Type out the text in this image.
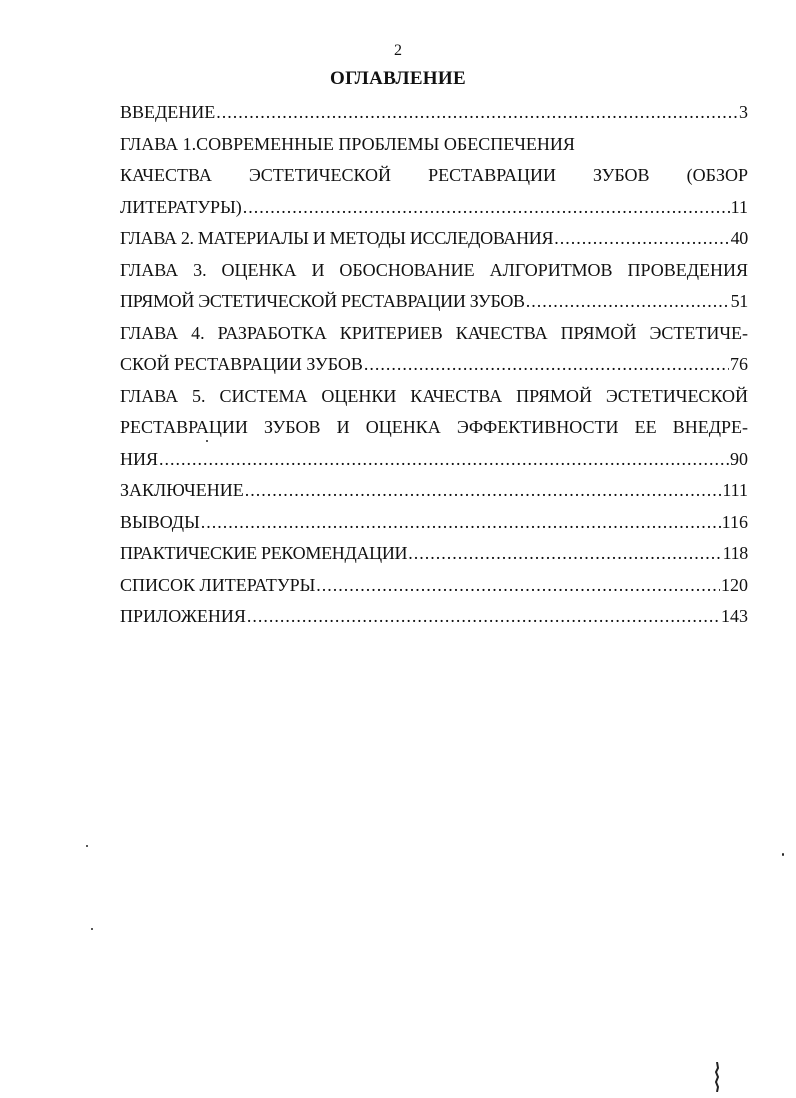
2
ОГЛАВЛЕНИЕ
ВВЕДЕНИЕ .....	3
ГЛАВА 1.СОВРЕМЕННЫЕ ПРОБЛЕМЫ ОБЕСПЕЧЕНИЯ
КАЧЕСТВА ЭСТЕТИЧЕСКОЙ РЕСТАВРАЦИИ ЗУБОВ (ОБЗОР
ЛИТЕРАТУРЫ) .....	11
ГЛАВА 2. МАТЕРИАЛЫ И МЕТОДЫ ИССЛЕДОВАНИЯ .....	40
ГЛАВА 3. ОЦЕНКА И ОБОСНОВАНИЕ АЛГОРИТМОВ ПРОВЕДЕНИЯ
ПРЯМОЙ ЭСТЕТИЧЕСКОЙ РЕСТАВРАЦИИ ЗУБОВ .....	51
ГЛАВА 4. РАЗРАБОТКА КРИТЕРИЕВ КАЧЕСТВА ПРЯМОЙ ЭСТЕТИЧЕ-
СКОЙ РЕСТАВРАЦИИ ЗУБОВ .....	76
ГЛАВА 5. СИСТЕМА ОЦЕНКИ КАЧЕСТВА ПРЯМОЙ ЭСТЕТИЧЕСКОЙ
РЕСТАВРАЦИИ ЗУБОВ И ОЦЕНКА ЭФФЕКТИВНОСТИ ЕЕ ВНЕДРЕ-
НИЯ .....	90
ЗАКЛЮЧЕНИЕ .....	111
ВЫВОДЫ .....	116
ПРАКТИЧЕСКИЕ РЕКОМЕНДАЦИИ .....	118
СПИСОК ЛИТЕРАТУРЫ .....	120
ПРИЛОЖЕНИЯ .....	143
